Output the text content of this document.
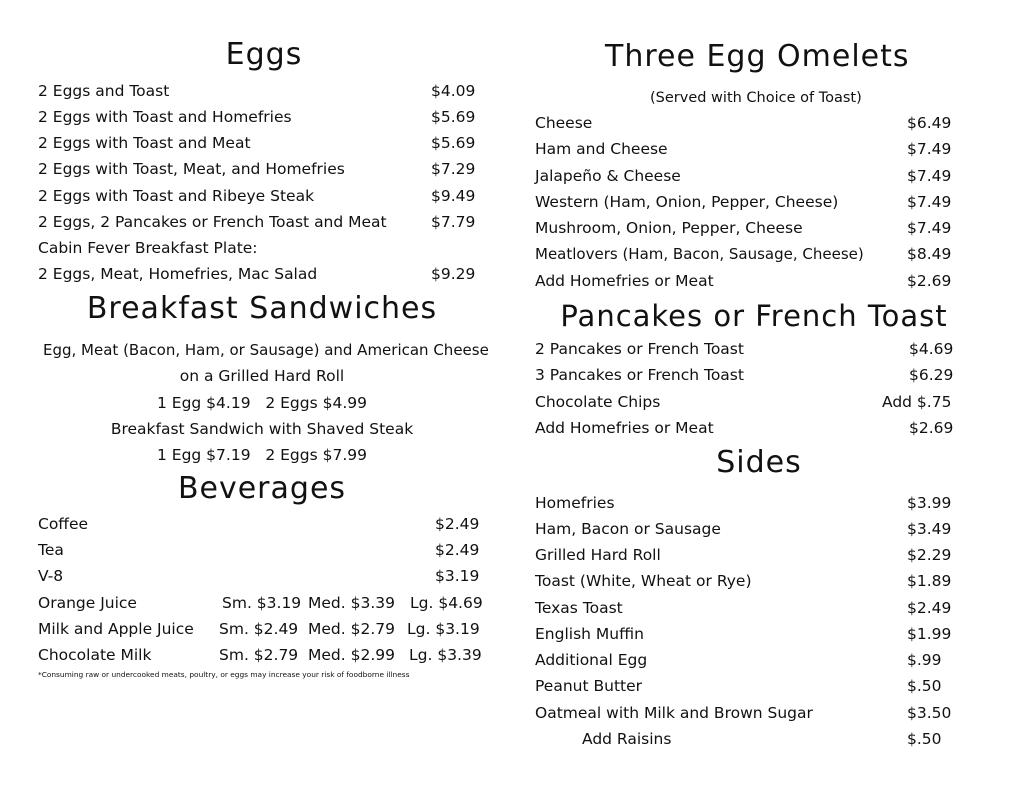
Eggs
2 Eggs and Toast	$4.09
2 Eggs with Toast and Homefries	$5.69
2 Eggs with Toast and Meat	$5.69
2 Eggs with Toast, Meat, and Homefries	$7.29
2 Eggs with Toast and Ribeye Steak	$9.49
2 Eggs, 2 Pancakes or French Toast and Meat	$7.79
Cabin Fever Breakfast Plate:
2 Eggs, Meat, Homefries, Mac Salad	$9.29
Breakfast Sandwiches
Egg, Meat (Bacon, Ham, or Sausage) and American Cheese
on a Grilled Hard Roll
1 Egg $4.19   2 Eggs $4.99
Breakfast Sandwich with Shaved Steak
1 Egg $7.19   2 Eggs $7.99
Beverages
Coffee	$2.49
Tea	$2.49
V-8	$3.19
Orange Juice	Sm. $3.19 Med. $3.39 Lg. $4.69
Milk and Apple Juice Sm. $2.49 Med. $2.79 Lg. $3.19
Chocolate Milk	Sm. $2.79 Med. $2.99 Lg. $3.39
*Consuming raw or undercooked meats, poultry, or eggs may increase your risk of foodborne illness
Three Egg Omelets
(Served with Choice of Toast)
Cheese	$6.49
Ham and Cheese	$7.49
Jalapeño & Cheese	$7.49
Western (Ham, Onion, Pepper, Cheese)	$7.49
Mushroom, Onion, Pepper, Cheese	$7.49
Meatlovers (Ham, Bacon, Sausage, Cheese)	$8.49
Add Homefries or Meat	$2.69
Pancakes or French Toast
2 Pancakes or French Toast	$4.69
3 Pancakes or French Toast	$6.29
Chocolate Chips	Add $.75
Add Homefries or Meat	$2.69
Sides
Homefries	$3.99
Ham, Bacon or Sausage	$3.49
Grilled Hard Roll	$2.29
Toast (White, Wheat or Rye)	$1.89
Texas Toast	$2.49
English Muffin	$1.99
Additional Egg	$.99
Peanut Butter	$.50
Oatmeal with Milk and Brown Sugar	$3.50
Add Raisins	$.50
